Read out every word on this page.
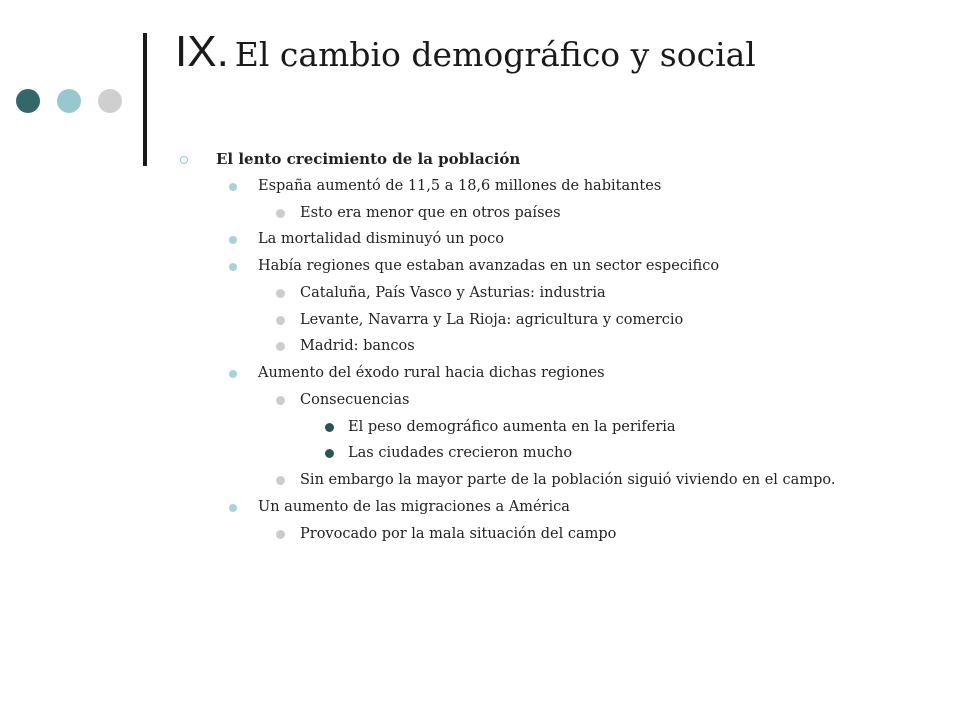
IX. El cambio demográfico y social
El lento crecimiento de la población
España aumentó de 11,5 a 18,6 millones de habitantes
Esto era menor que en otros países
La mortalidad disminuyó un poco
Había regiones que estaban avanzadas en un sector especifico
Cataluña, País Vasco y Asturias: industria
Levante, Navarra y La Rioja: agricultura y comercio
Madrid: bancos
Aumento del éxodo rural hacia dichas regiones
Consecuencias
El peso demográfico aumenta en la periferia
Las ciudades crecieron mucho
Sin embargo la mayor parte de la población siguió viviendo en el campo.
Un aumento de las migraciones a América
Provocado por la mala situación del campo
